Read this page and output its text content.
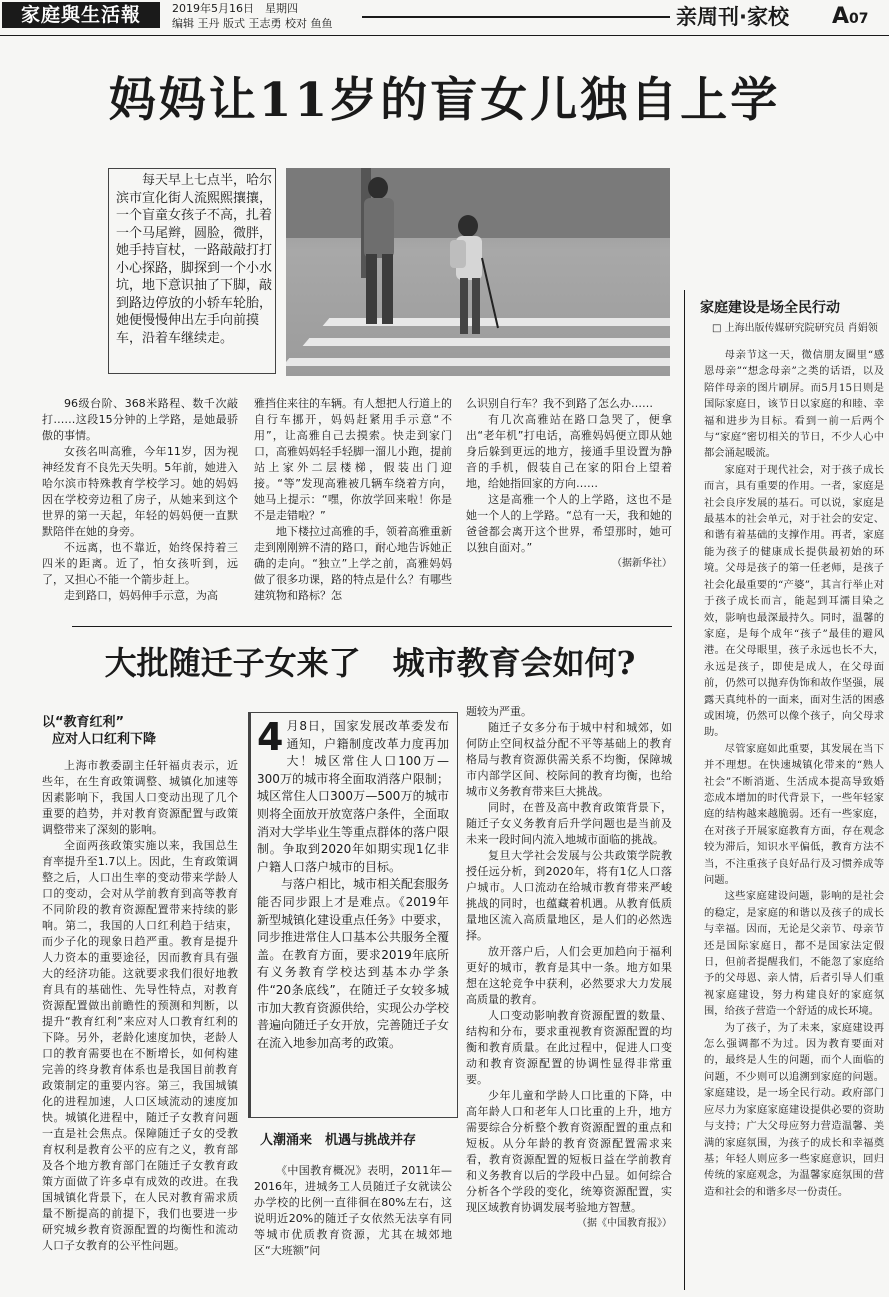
家庭與生活報	2019年5月16日　星期四
编辑 王丹 版式 王志勇 校对 鱼鱼	亲周刊·家校 A07
妈妈让11岁的盲女儿独自上学
每天早上七点半，哈尔滨市宣化街人流熙熙攘攘，一个盲童女孩子不高，扎着一个马尾辫，圆脸，微胖，她手持盲杖，一路敲敲打打小心探路，脚探到一个小水坑，地下意识抽了下脚，敲到路边停放的小轿车轮胎，她便慢慢伸出左手向前摸车，沿着车继续走。

96级台阶、368米路程、数千次敲打……这段15分钟的上学路，是她最骄傲的事情。

女孩名叫高雅，今年11岁，因为视神经发育不良先天失明。5年前，她进入哈尔滨市特殊教育学校学习。她的妈妈因在学校旁边租了房子，从她来到这个世界的第一天起，年轻的妈妈便一直默默陪伴在她的身旁。

不远离，也不靠近，始终保持着三四米的距离。近了，怕女孩听到，远了，又担心不能一个箭步赶上。

走到路口，妈妈伸手示意，为高

雅挡住来往的车辆。有人想把人行道上的自行车挪开，妈妈赶紧用手示意“不用”，让高雅自己去摸索。快走到家门口，高雅妈妈轻手轻脚一溜儿小跑，提前站上家外二层楼梯，假装出门迎接。“等”发现高雅被几辆车绕着方向，她马上提示：“嘿，你放学回来啦！你是不是走错啦？”

地下楼拉过高雅的手，领着高雅重新走到刚刚辨不清的路口，耐心地告诉她正确的走向。“独立”上学之前，高雅妈妈做了很多功课，路的特点是什么？有哪些建筑物和路标？怎

么识别自行车？我不到路了怎么办……

有几次高雅站在路口急哭了，便拿出“老年机”打电话，高雅妈妈便立即从她身后躲到更远的地方，接通手里设置为静音的手机，假装自己在家的阳台上望着地，给她指回家的方向……

这是高雅一个人的上学路，这也不是她一个人的上学路。“总有一天，我和她的爸爸都会离开这个世界，希望那时，她可以独自面对。”

（据新华社）
大批随迁子女来了　城市教育会如何?
以“教育红利”
应对人口红利下降

上海市教委副主任轩福贞表示，近些年，在生育政策调整、城镇化加速等因素影响下，我国人口变动出现了几个重要的趋势，并对教育资源配置与政策调整带来了深刻的影响。

全面两孩政策实施以来，我国总生育率提升至1.7以上。因此，生育政策调整之后，人口出生率的变动带来学龄人口的变动，会对从学前教育到高等教育不同阶段的教育资源配置带来持续的影响。第二，我国的人口红利趋于结束，而少子化的现象日趋严重。教育是提升人力资本的重要途径，因而教育具有强大的经济功能。这就要求我们很好地教育具有的基础性、先导性特点，对教育资源配置做出前瞻性的预测和判断，以提升“教育红利”来应对人口教育红利的下降。另外，老龄化速度加快，老龄人口的教育需要也在不断增长，如何构建完善的终身教育体系也是我国目前教育政策制定的重要内容。第三，我国城镇化的进程加速，人口区域流动的速度加快。城镇化进程中，随迁子女教育问题一直是社会焦点。保障随迁子女的受教育权利是教育公平的应有之义，教育部及各个地方教育部门在随迁子女教育政策方面做了许多卓有成效的改进。在我国城镇化背景下，在人民对教育需求质量不断提高的前提下，我们也要进一步研究城乡教育资源配置的均衡性和流动人口子女教育的公平性问题。

4 月8日，国家发展改革委发布通知，户籍制度改革力度再加大！城区常住人口100万—300万的城市将全面取消落户限制；城区常住人口300万—500万的城市则将全面放开放宽落户条件，全面取消对大学毕业生等重点群体的落户限制。争取到2020年如期实现1亿非户籍人口落户城市的目标。
与落户相比，城市相关配套服务能否同步跟上才是难点。《2019年新型城镇化建设重点任务》中要求，同步推进常住人口基本公共服务全覆盖。在教育方面，要求2019年底所有义务教育学校达到基本办学条件“20条底线”，在随迁子女较多城市加大教育资源供给，实现公办学校普遍向随迁子女开放，完善随迁子女在流入地参加高考的政策。
人潮涌来　机遇与挑战并存

《中国教育概况》表明，2011年—2016年，进城务工人员随迁子女就读公办学校的比例一直徘徊在80%左右，这说明近20%的随迁子女依然无法享有同等城市优质教育资源，尤其在城郊地区“大班额”问

题较为严重。

随迁子女多分布于城中村和城郊，如何防止空间权益分配不平等基础上的教育格局与教育资源供需关系不均衡，保障城市内部学区间、校际间的教育均衡，也给城市义务教育带来巨大挑战。

同时，在普及高中教育政策背景下，随迁子女义务教育后升学问题也是当前及未来一段时间内流入地城市面临的挑战。

复旦大学社会发展与公共政策学院教授任远分析，到2020年，将有1亿人口落户城市。人口流动在给城市教育带来严峻挑战的同时，也蕴藏着机遇。从教育低质量地区流入高质量地区，是人们的必然选择。

放开落户后，人们会更加趋向于福利更好的城市，教育是其中一条。地方如果想在这轮竞争中获利，必然要求大力发展高质量的教育。

人口变动影响教育资源配置的数量、结构和分布，要求重视教育资源配置的均衡和教育质量。在此过程中，促进人口变动和教育资源配置的协调性显得非常重要。

少年儿童和学龄人口比重的下降，中高年龄人口和老年人口比重的上升，地方需要综合分析整个教育资源配置的重点和短板。从分年龄的教育资源配置需求来看，教育资源配置的短板日益在学前教育和义务教育以后的学段中凸显。如何综合分析各个学段的变化，统筹资源配置，实现区域教育协调发展考验地方智慧。

（据《中国教育报》）
家庭建设是场全民行动
□ 上海出版传媒研究院研究员 肖娟领

母亲节这一天，微信朋友圈里“感恩母亲”“想念母亲”之类的话语，以及陪伴母亲的图片刷屏。而5月15日则是国际家庭日，该节日以家庭的和睦、幸福和进步为目标。看到一前一后两个与“家庭”密切相关的节日，不少人心中都会涌起暖流。

家庭对于现代社会，对于孩子成长而言，具有重要的作用。一者，家庭是社会良序发展的基石。可以说，家庭是最基本的社会单元，对于社会的安定、和谐有着基础的支撑作用。再者，家庭能为孩子的健康成长提供最初始的环境。父母是孩子的第一任老师，是孩子社会化最重要的“产婆”，其言行举止对于孩子成长而言，能起到耳濡目染之效，影响也最深最持久。同时，温馨的家庭，是每个成年“孩子”最佳的避风港。在父母眼里，孩子永远也长不大，永远是孩子，即使是成人，在父母面前，仍然可以抛弃伪饰和故作坚强，展露天真纯朴的一面来，面对生活的困惑或困境，仍然可以像个孩子，向父母求助。

尽管家庭如此重要，其发展在当下并不理想。在快速城镇化带来的“熟人社会”不断消逝、生活成本提高导致婚恋成本增加的时代背景下，一些年轻家庭的结构越来越脆弱。还有一些家庭，在对孩子开展家庭教育方面，存在观念较为滞后，知识水平偏低，教育方法不当，不注重孩子良好品行及习惯养成等问题。

这些家庭建设问题，影响的是社会的稳定，是家庭的和谐以及孩子的成长与幸福。因而，无论是父亲节、母亲节还是国际家庭日，都不是国家法定假日，但前者提醒我们，不能忽了家庭给予的父母恩、亲人情，后者引导人们重视家庭建设，努力构建良好的家庭氛围，给孩子营造一个舒适的成长环境。

为了孩子，为了未来，家庭建设再怎么强调都不为过。因为教育要面对的，最终是人生的问题，而个人面临的问题，不少则可以追溯到家庭的问题。家庭建设，是一场全民行动。政府部门应尽力为家庭家庭建设提供必要的资助与支持；广大父母应努力营造温馨、美满的家庭氛围，为孩子的成长和幸福奠基；年轻人则应多一些家庭意识，回归传统的家庭观念，为温馨家庭氛围的营造和社会的和谐多尽一份责任。
